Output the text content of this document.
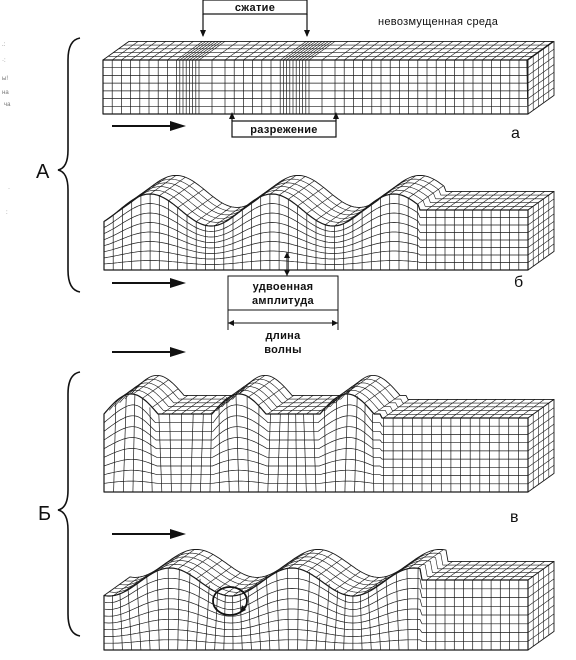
.:
·:
ы!
на
ча
·
:
А
Б
сжатие
невозмущенная среда
разрежение	а
удвоенная
амплитуда
длина
волны
б
в
